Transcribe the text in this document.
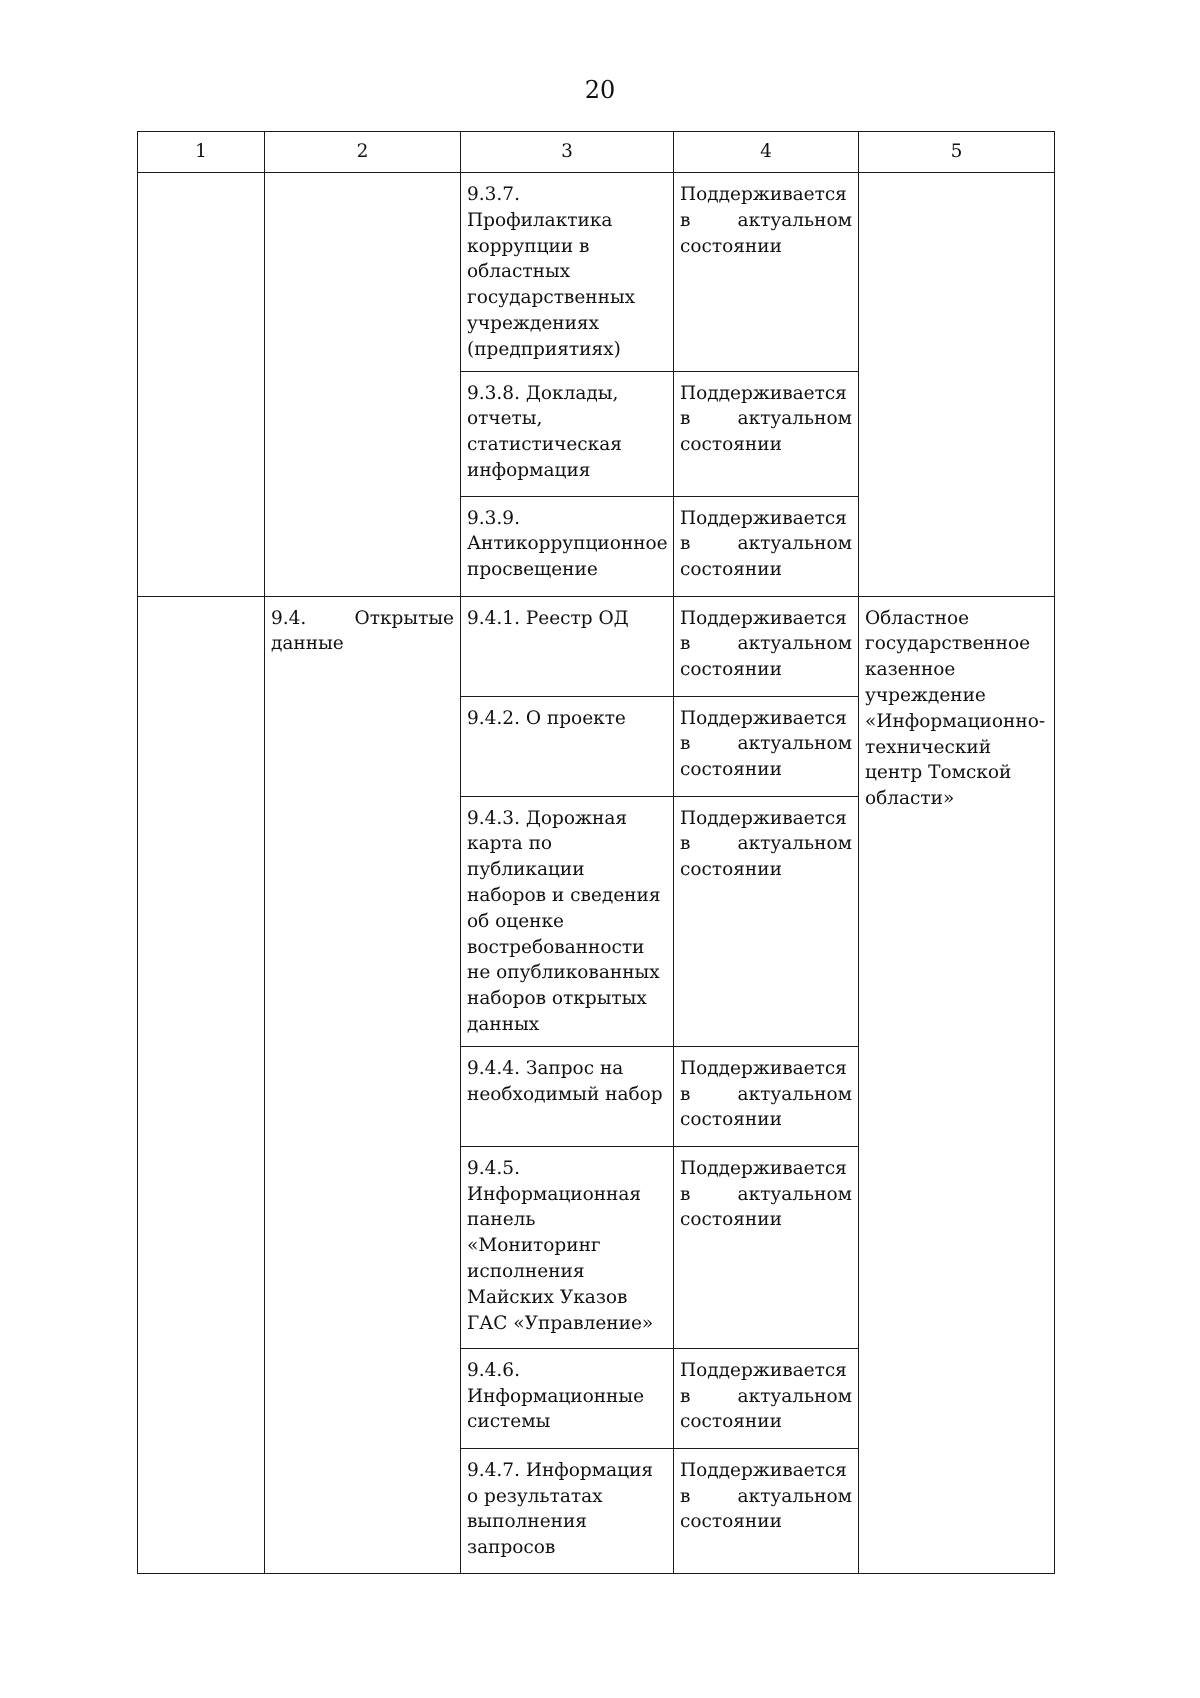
20
1	2	3	4	5
		9.3.7. Профилактика коррупции в областных государственных учреждениях (предприятиях)	Поддерживается
в актуальном
состоянии	
		9.3.8. Доклады, отчеты, статистическая информация	Поддерживается
в актуальном
состоянии	
		9.3.9. Антикоррупционное просвещение	Поддерживается
в актуальном
состоянии	

	9.4. Открытые
данные	9.4.1. Реестр ОД	Поддерживается
в актуальном
состоянии	Областное государственное казенное учреждение «Информационно-технический центр Томской области»
		9.4.2. О проекте	Поддерживается
в актуальном
состоянии	
		9.4.3. Дорожная карта по публикации наборов и сведения об оценке востребованности не опубликованных наборов открытых данных	Поддерживается
в актуальном
состоянии	
		9.4.4. Запрос на необходимый набор	Поддерживается
в актуальном
состоянии	
		9.4.5. Информационная панель «Мониторинг исполнения Майских Указов ГАС «Управление»	Поддерживается
в актуальном
состоянии	
		9.4.6. Информационные системы	Поддерживается
в актуальном
состоянии	
		9.4.7. Информация о результатах выполнения запросов	Поддерживается
в актуальном
состоянии	
